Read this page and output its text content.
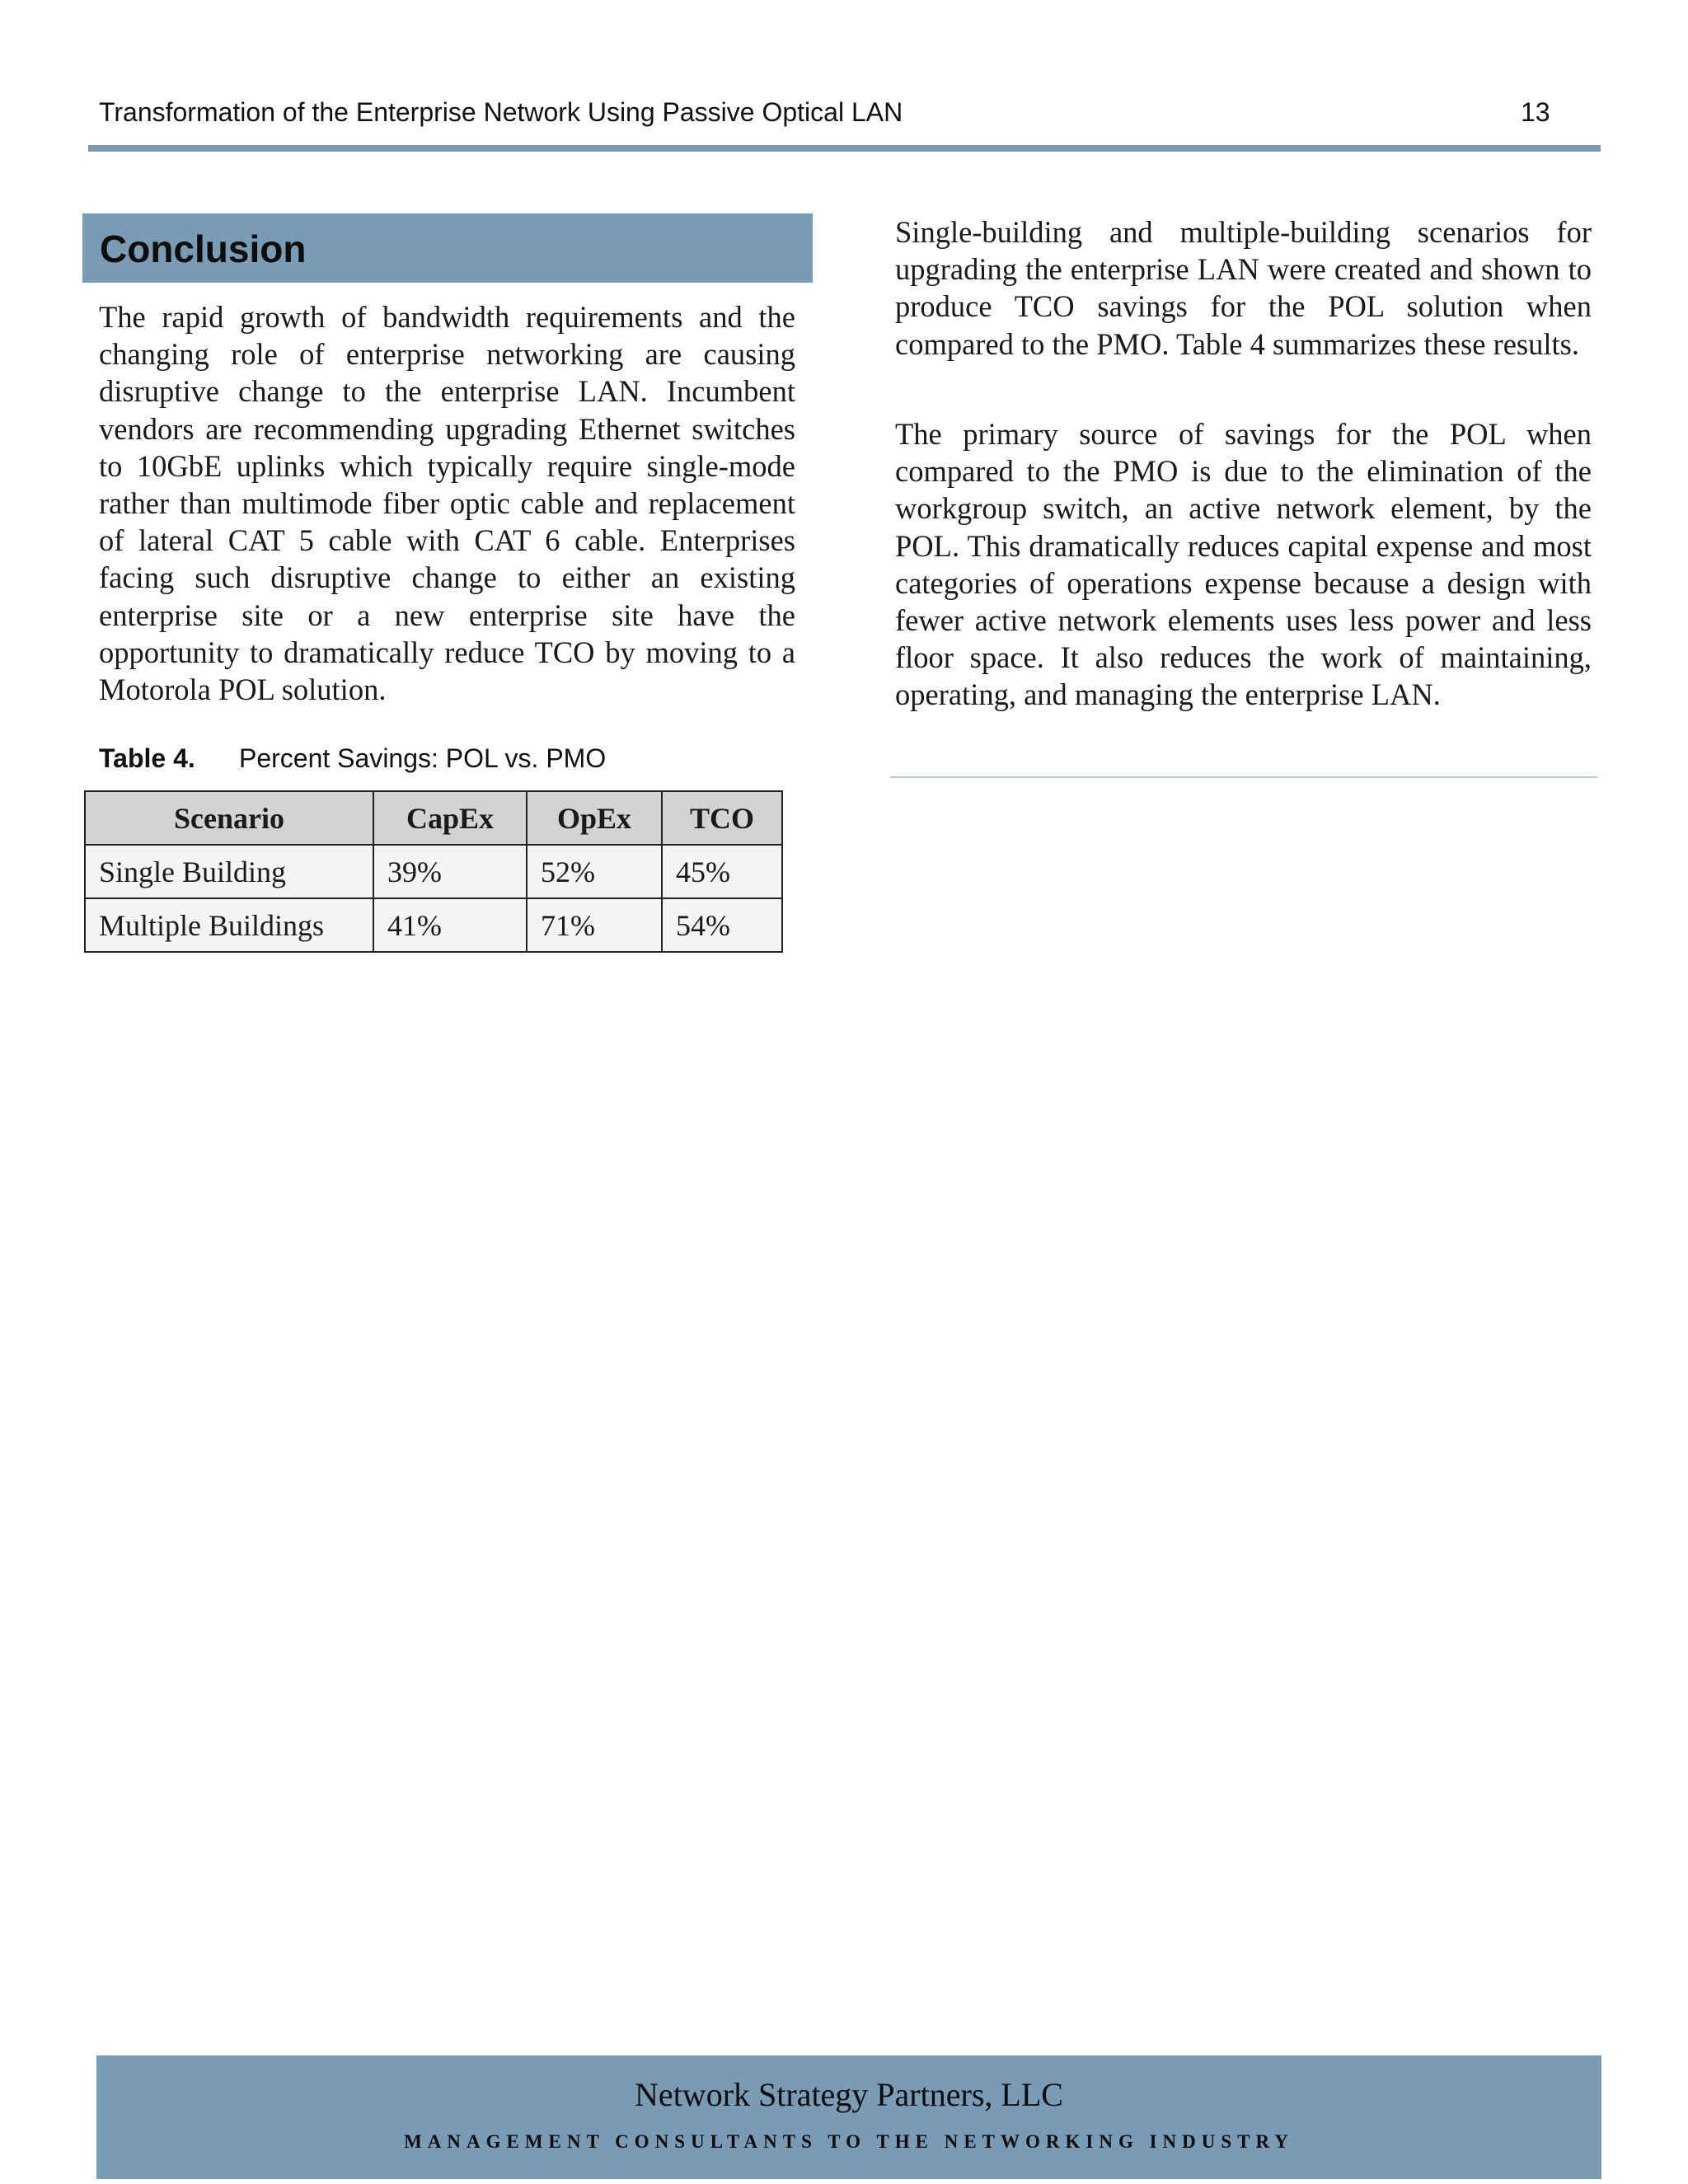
Transformation of the Enterprise Network Using Passive Optical LAN	13
Conclusion

The rapid growth of bandwidth requirements and the changing role of enterprise networking are causing disruptive change to the enterprise LAN. Incumbent vendors are recommending upgrading Ethernet switches to 10GbE uplinks which typically require single-mode rather than multimode fiber optic cable and replacement of lateral CAT 5 cable with CAT 6 cable. Enterprises facing such disruptive change to either an existing enterprise site or a new enterprise site have the opportunity to dramatically reduce TCO by moving to a Motorola POL solution.

Table 4. Percent Savings: POL vs. PMO
Scenario	CapEx	OpEx	TCO
Single Building	39%	52%	45%
Multiple Buildings	41%	71%	54%

Single-building and multiple-building scenarios for upgrading the enterprise LAN were created and shown to produce TCO savings for the POL solution when compared to the PMO. Table 4 summarizes these results.

The primary source of savings for the POL when compared to the PMO is due to the elimination of the workgroup switch, an active network element, by the POL. This dramatically reduces capital expense and most categories of operations expense because a design with fewer active network elements uses less power and less floor space. It also reduces the work of maintaining, operating, and managing the enterprise LAN.

Network Strategy Partners, LLC
MANAGEMENT CONSULTANTS TO THE NETWORKING INDUSTRY
